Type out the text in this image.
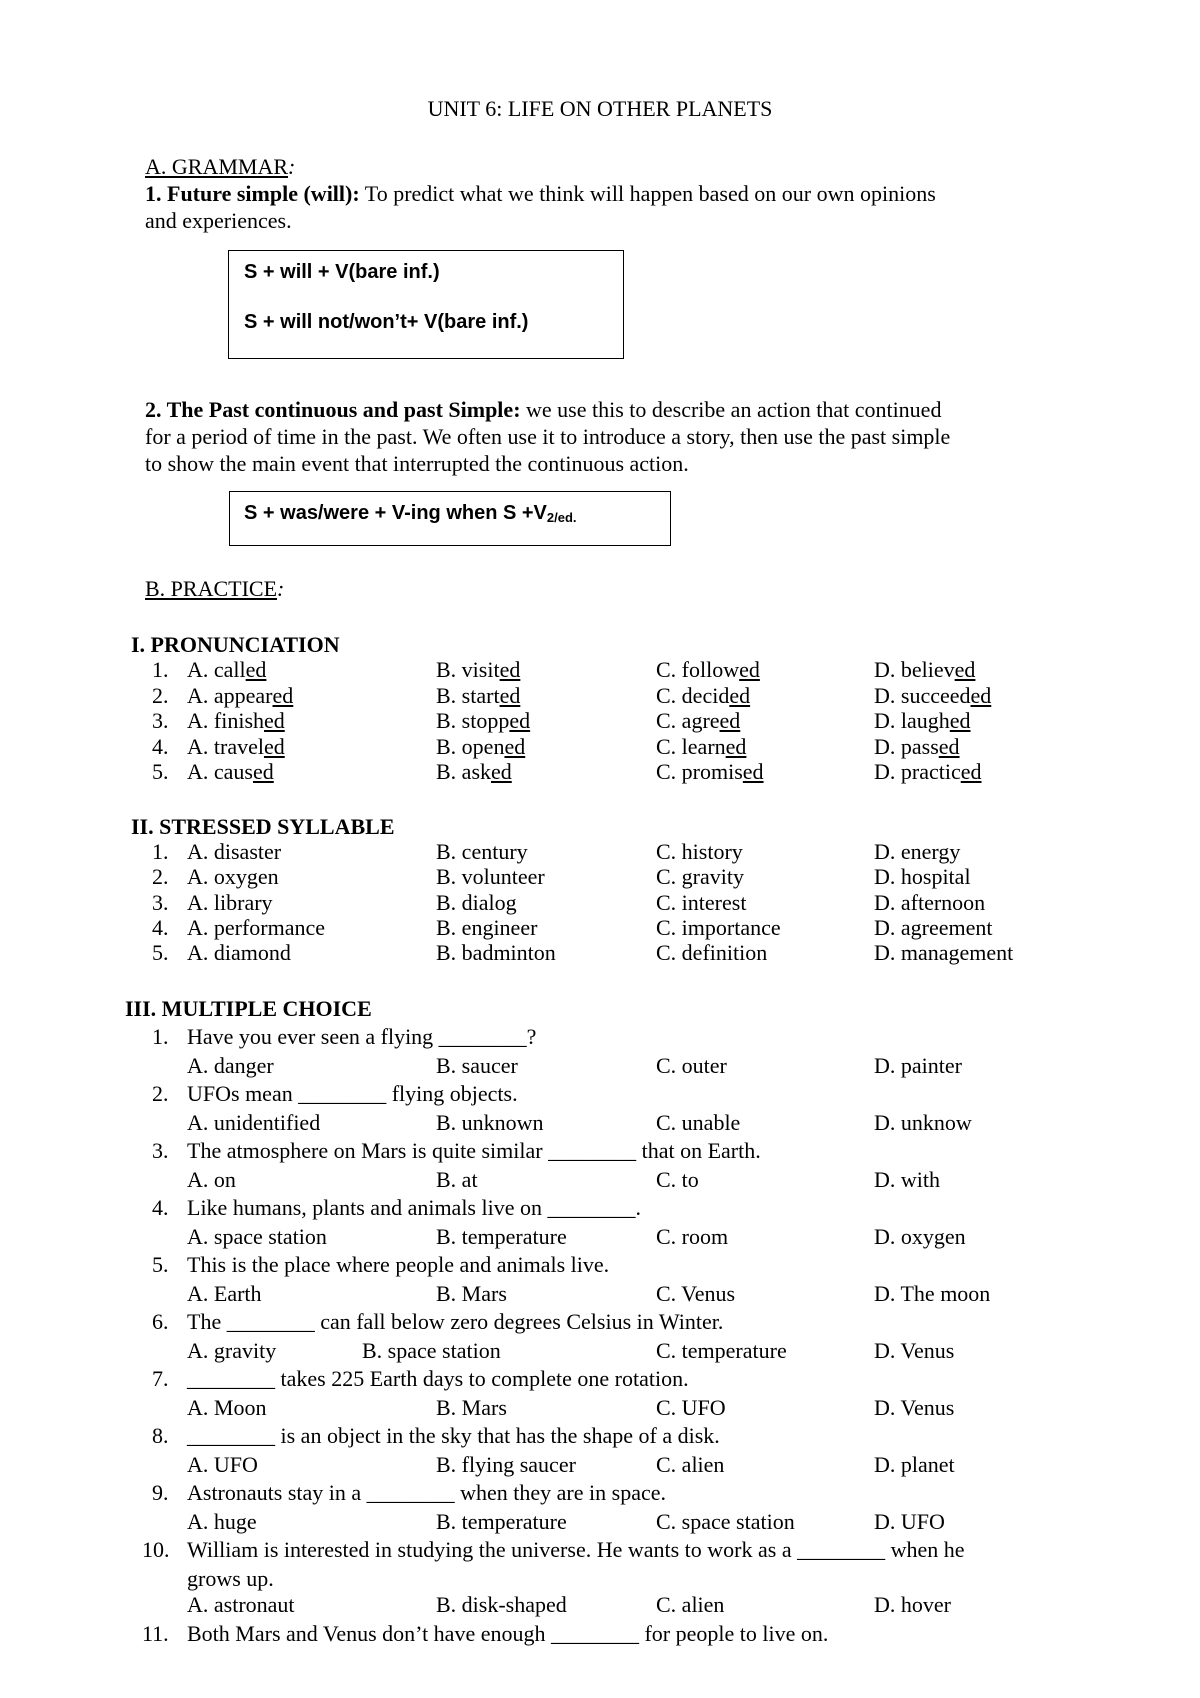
UNIT 6: LIFE ON OTHER PLANETS
A. GRAMMAR:
1. Future simple (will): To predict what we think will happen based on our own opinions
and experiences.
S + will + V(bare inf.)
S + will not/won’t+ V(bare inf.)
2. The Past continuous and past Simple: we use this to describe an action that continued
for a period of time in the past. We often use it to introduce a story, then use the past simple
to show the main event that interrupted the continuous action.
S + was/were + V-ing when $S +V_{2/ed.}$
B. PRACTICE:
I. PRONUNCIATION
1. A. called	B. visited	C. followed	D. believed
2. A. appeared	B. started	C. decided	D. succeeded
3. A. finished	B. stopped	C. agreed	D. laughed
4. A. traveled	B. opened	C. learned	D. passed
5. A. caused	B. asked	C. promised	D. practiced
II. STRESSED SYLLABLE
1. A. disaster	B. century	C. history	D. energy
2. A. oxygen	B. volunteer	C. gravity	D. hospital
3. A. library	B. dialog	C. interest	D. afternoon
4. A. performance	B. engineer	C. importance	D. agreement
5. A. diamond	B. badminton	C. definition	D. management
III. MULTIPLE CHOICE
1. Have you ever seen a flying ________?
A. danger	B. saucer	C. outer	D. painter
2. UFOs mean ________ flying objects.
A. unidentified	B. unknown	C. unable	D. unknow
3. The atmosphere on Mars is quite similar ________ that on Earth.
A. on	B. at	C. to	D. with
4. Like humans, plants and animals live on ________.
A. space station	B. temperature	C. room	D. oxygen
5. This is the place where people and animals live.
A. Earth	B. Mars	C. Venus	D. The moon
6. The ________ can fall below zero degrees Celsius in Winter.
A. gravity	B. space station	C. temperature	D. Venus
7. ________ takes 225 Earth days to complete one rotation.
A. Moon	B. Mars	C. UFO	D. Venus
8. ________ is an object in the sky that has the shape of a disk.
A. UFO	B. flying saucer	C. alien	D. planet
9. Astronauts stay in a ________ when they are in space.
A. huge	B. temperature	C. space station	D. UFO
10. William is interested in studying the universe. He wants to work as a ________ when he
grows up.
A. astronaut	B. disk-shaped	C. alien	D. hover
11. Both Mars and Venus don’t have enough ________ for people to live on.
